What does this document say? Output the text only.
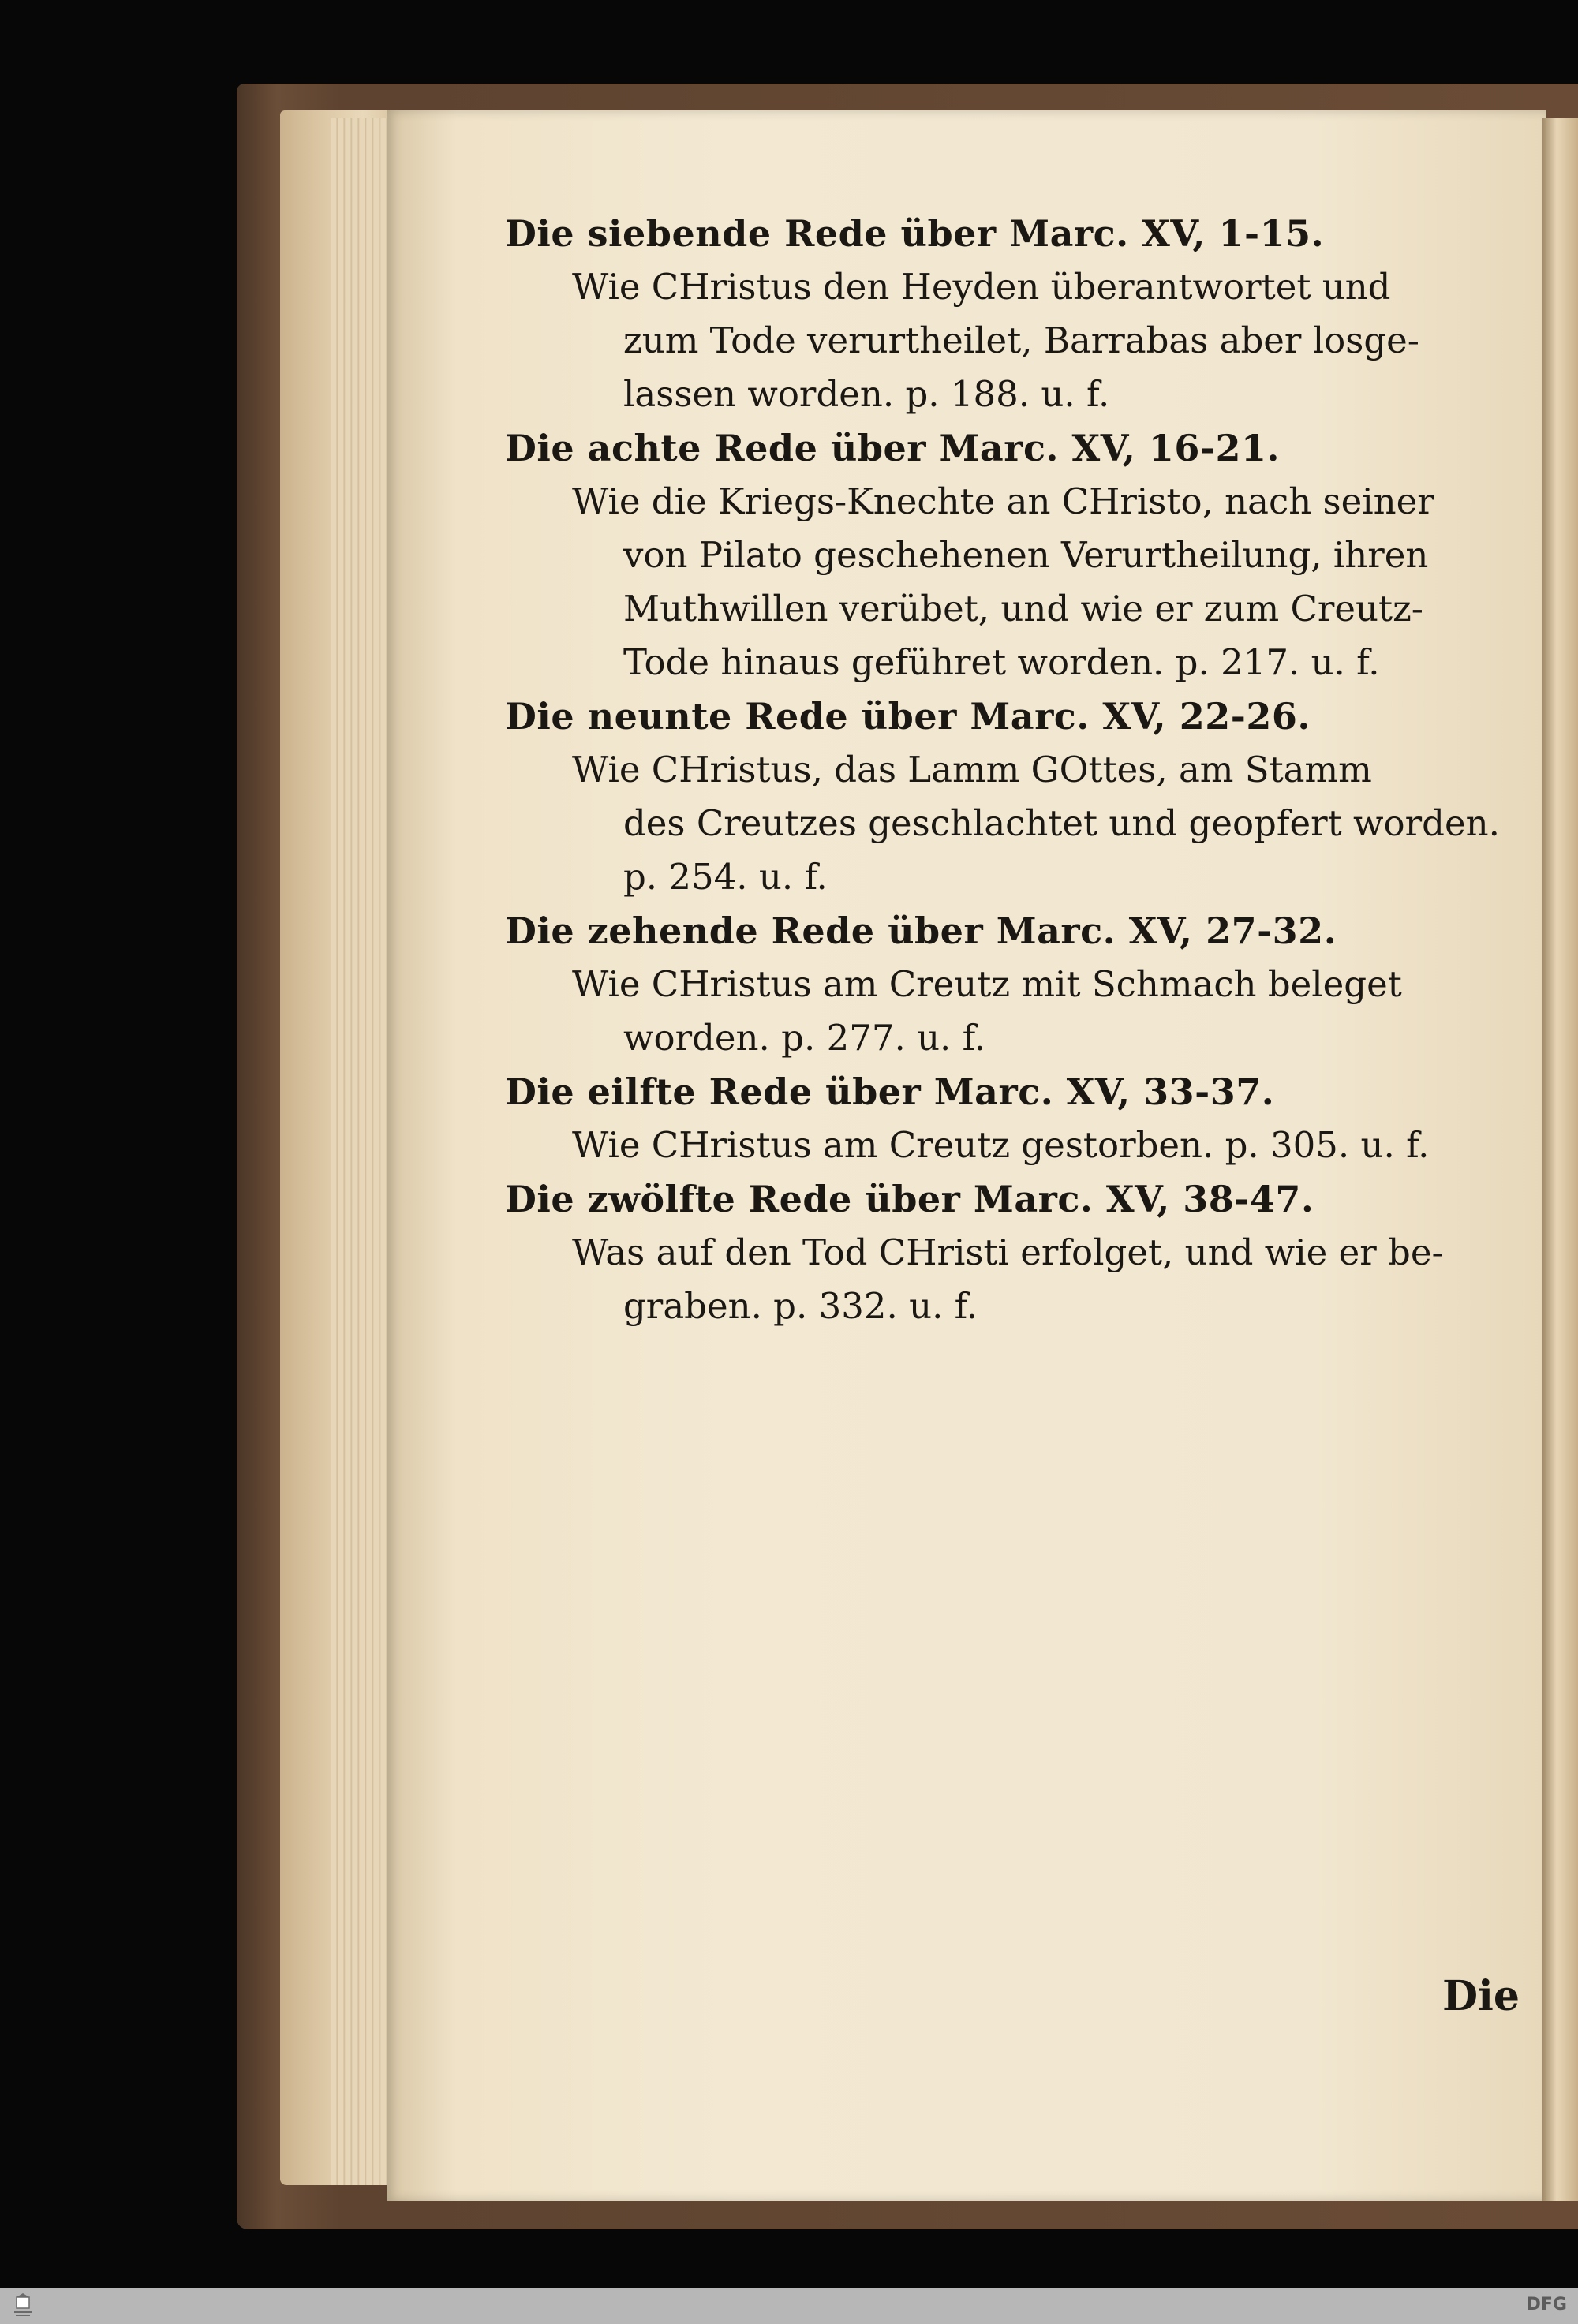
Die siebende Rede über Marc. XV, 1-15.
Wie CHristus den Heyden überantwortet und
zum Tode verurtheilet, Barrabas aber losge-
lassen worden. p. 188. u. f.
Die achte Rede über Marc. XV, 16-21.
Wie die Kriegs-Knechte an CHristo, nach seiner
von Pilato geschehenen Verurtheilung, ihren
Muthwillen verübet, und wie er zum Creutz-
Tode hinaus geführet worden. p. 217. u. f.
Die neunte Rede über Marc. XV, 22-26.
Wie CHristus, das Lamm GOttes, am Stamm
des Creutzes geschlachtet und geopfert worden.
p. 254. u. f.
Die zehende Rede über Marc. XV, 27-32.
Wie CHristus am Creutz mit Schmach beleget
worden. p. 277. u. f.
Die eilfte Rede über Marc. XV, 33-37.
Wie CHristus am Creutz gestorben. p. 305. u. f.
Die zwölfte Rede über Marc. XV, 38-47.
Was auf den Tod CHristi erfolget, und wie er be-
graben. p. 332. u. f.
Die
DFG
